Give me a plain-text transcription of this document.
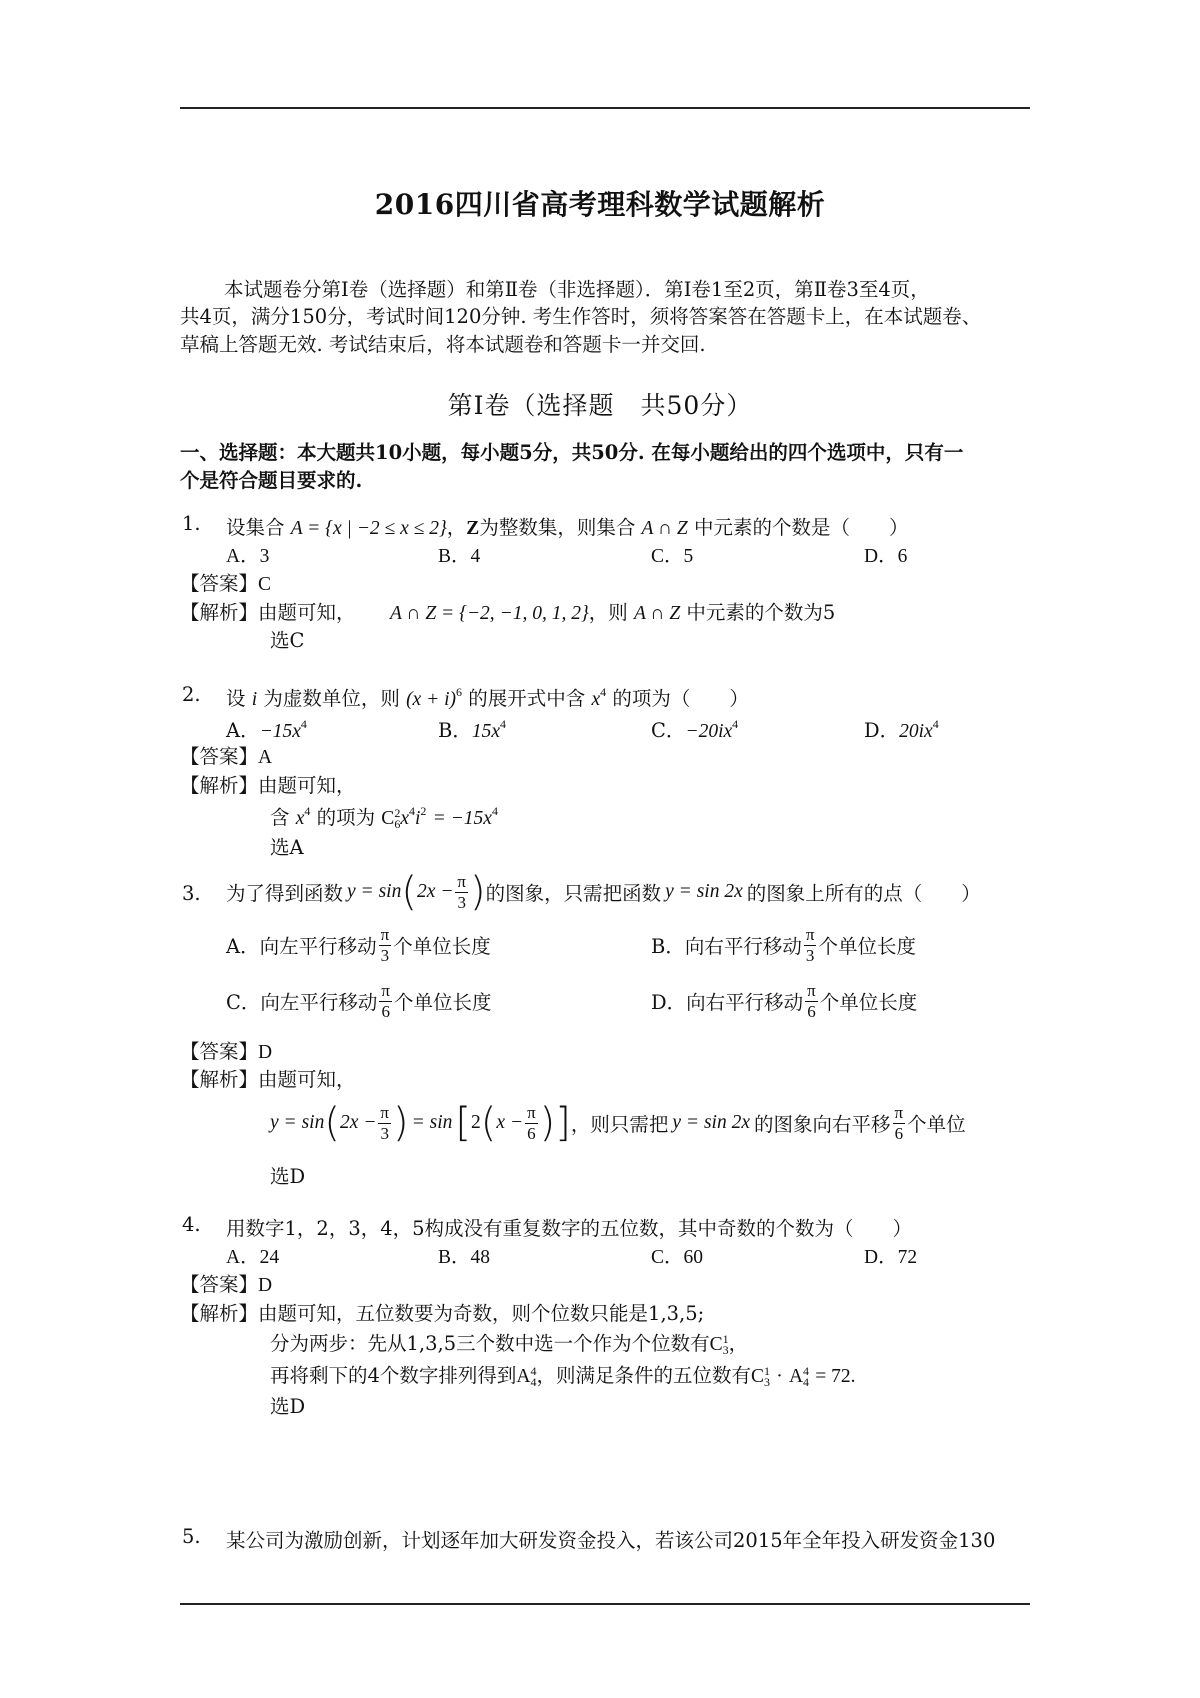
2016四川省高考理科数学试题解析
本试题卷分第Ⅰ卷（选择题）和第Ⅱ卷（非选择题）．第Ⅰ卷1至2页，第Ⅱ卷3至4页，
共4页，满分150分，考试时间120分钟. 考生作答时，须将答案答在答题卡上，在本试题卷、
草稿上答题无效. 考试结束后，将本试题卷和答题卡一并交回.
第Ⅰ卷（选择题　共50分）
一、选择题：本大题共10小题，每小题5分，共50分. 在每小题给出的四个选项中，只有一
个是符合题目要求的.
1. 设集合 A = {x | −2 ≤ x ≤ 2}，Z为整数集，则集合 A ∩ Z 中元素的个数是（　　）
A．3	B．4	C．5	D．6
【答案】C
【解析】由题可知， A ∩ Z = {−2, −1, 0, 1, 2}，则 A ∩ Z 中元素的个数为5
选C
2. 设 i 为虚数单位，则 $(x + i)^6$ 的展开式中含 $x^4$ 的项为（　　）
A．$-15x^4$	B．$15x^4$	C．$-20ix^4$	D．$20ix^4$
【答案】A
【解析】由题可知，
含 $x^4$ 的项为 C 2
6 $x^4i^2 = -15x^4$
选A
3. 为了得到函数 y = sin ( $2x - \frac{\pi}{3}$ ) 的图象，只需把函数 y = sin 2x 的图象上所有的点（　　）
A．向左平行移动 $\frac{\pi}{3}$ 个单位长度	B．向右平行移动 $\frac{\pi}{3}$ 个单位长度
C．向左平行移动 $\frac{\pi}{6}$ 个单位长度	D．向右平行移动 $\frac{\pi}{6}$ 个单位长度
【答案】D
【解析】由题可知，
y = sin ( $2x - \frac{\pi}{3}$ ) = sin [ 2 ( $x - \frac{\pi}{6}$ ) ] ，则只需把 y = sin 2x 的图象向右平移 $\frac{\pi}{6}$ 个单位
选D
4. 用数字1，2，3，4，5构成没有重复数字的五位数，其中奇数的个数为（　　）
A．24	B．48	C．60	D．72
【答案】D
【解析】由题可知，五位数要为奇数，则个位数只能是1,3,5;
分为两步：先从1,3,5三个数中选一个作为个位数有C 1
3 ，
再将剩下的4个数字排列得到A 4
4 ，则满足条件的五位数有C 1
3 · A 4
4 = 72.
选D
5. 某公司为激励创新，计划逐年加大研发资金投入，若该公司2015年全年投入研发资金130
